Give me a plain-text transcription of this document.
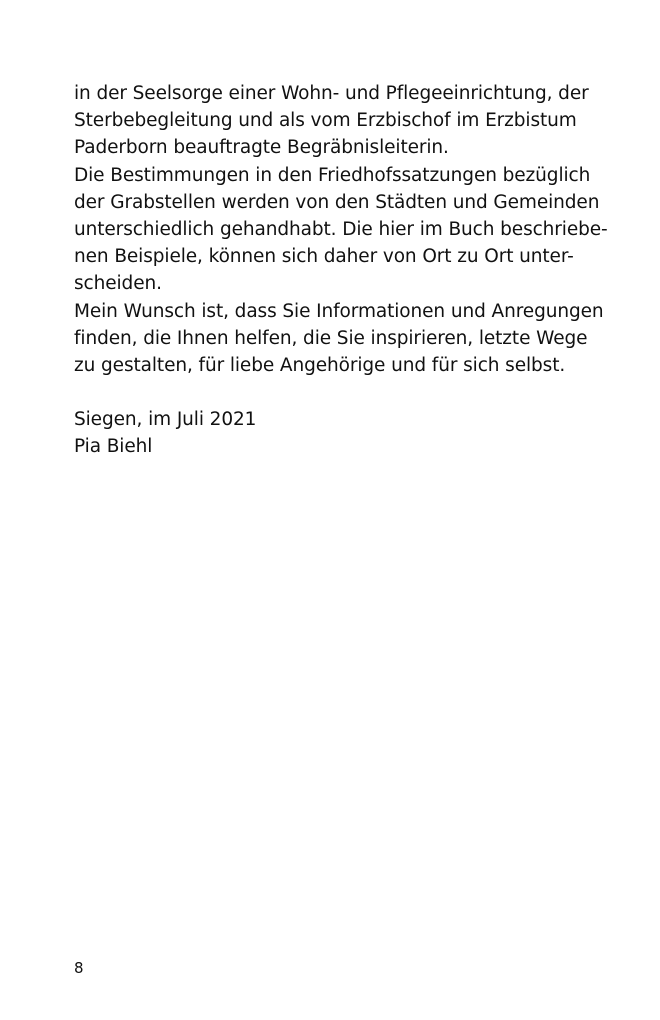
in der Seelsorge einer Wohn- und Pflegeeinrichtung, der
Sterbebegleitung und als vom Erzbischof im Erzbistum
Paderborn beauftragte Begräbnisleiterin.
Die Bestimmungen in den Friedhofssatzungen bezüglich
der Grabstellen werden von den Städten und Gemeinden
unterschiedlich gehandhabt. Die hier im Buch beschriebe-
nen Beispiele, können sich daher von Ort zu Ort unter-
scheiden.
Mein Wunsch ist, dass Sie Informationen und Anregungen
finden, die Ihnen helfen, die Sie inspirieren, letzte Wege
zu gestalten, für liebe Angehörige und für sich selbst.
Siegen, im Juli 2021
Pia Biehl
8
